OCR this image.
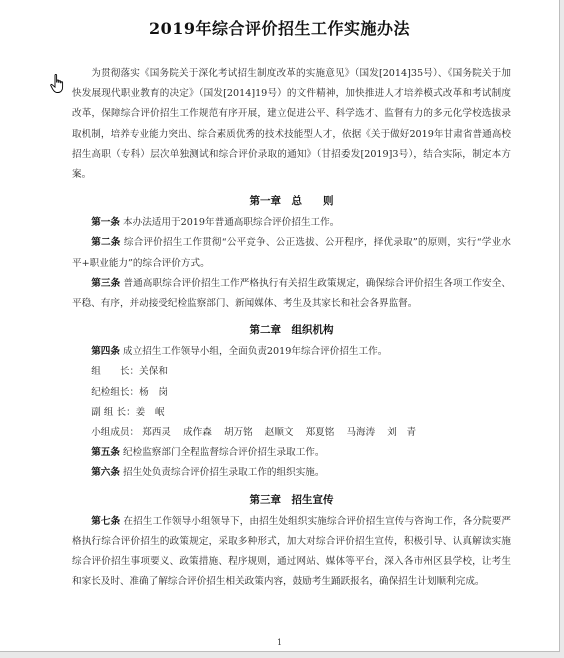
2019年综合评价招生工作实施办法

为贯彻落实《国务院关于深化考试招生制度改革的实施意见》（国发[2014]35号）、《国务院关于加快发展现代职业教育的决定》（国发[2014]19号）的文件精神，加快推进人才培养模式改革和考试制度改革，保障综合评价招生工作规范有序开展，建立促进公平、科学选才、监督有力的多元化学校选拔录取机制，培养专业能力突出、综合素质优秀的技术技能型人才，依据《关于做好2019年甘肃省普通高校招生高职（专科）层次单独测试和综合评价录取的通知》（甘招委发[2019]3号），结合实际，制定本方案。

第一章　总　　则

第一条 本办法适用于2019年普通高职综合评价招生工作。

第二条 综合评价招生工作贯彻“公平竞争、公正选拔、公开程序，择优录取”的原则，实行“学业水平+职业能力”的综合评价方式。

第三条 普通高职综合评价招生工作严格执行有关招生政策规定，确保综合评价招生各项工作安全、平稳、有序，并动接受纪检监察部门、新闻媒体、考生及其家长和社会各界监督。

第二章　组织机构

第四条 成立招生工作领导小组，全面负责2019年综合评价招生工作。

组　　长：关保和

纪检组长：杨　岗

副 组 长：姜　岷

小组成员： 郑西灵 成作森 胡万铭 赵顺文 郑夏铭 马海涛 刘　青

第五条 纪检监察部门全程监督综合评价招生录取工作。

第六条 招生处负责综合评价招生录取工作的组织实施。

第三章　招生宣传

第七条 在招生工作领导小组领导下，由招生处组织实施综合评价招生宣传与咨询工作，各分院要严格执行综合评价招生的政策规定，采取多种形式，加大对综合评价招生宣传，积极引导、认真解读实施综合评价招生事项要义、政策措施、程序规则，通过网站、媒体等平台，深入各市州区县学校，让考生和家长及时、准确了解综合评价招生相关政策内容，鼓励考生踊跃报名，确保招生计划顺利完成。

1
